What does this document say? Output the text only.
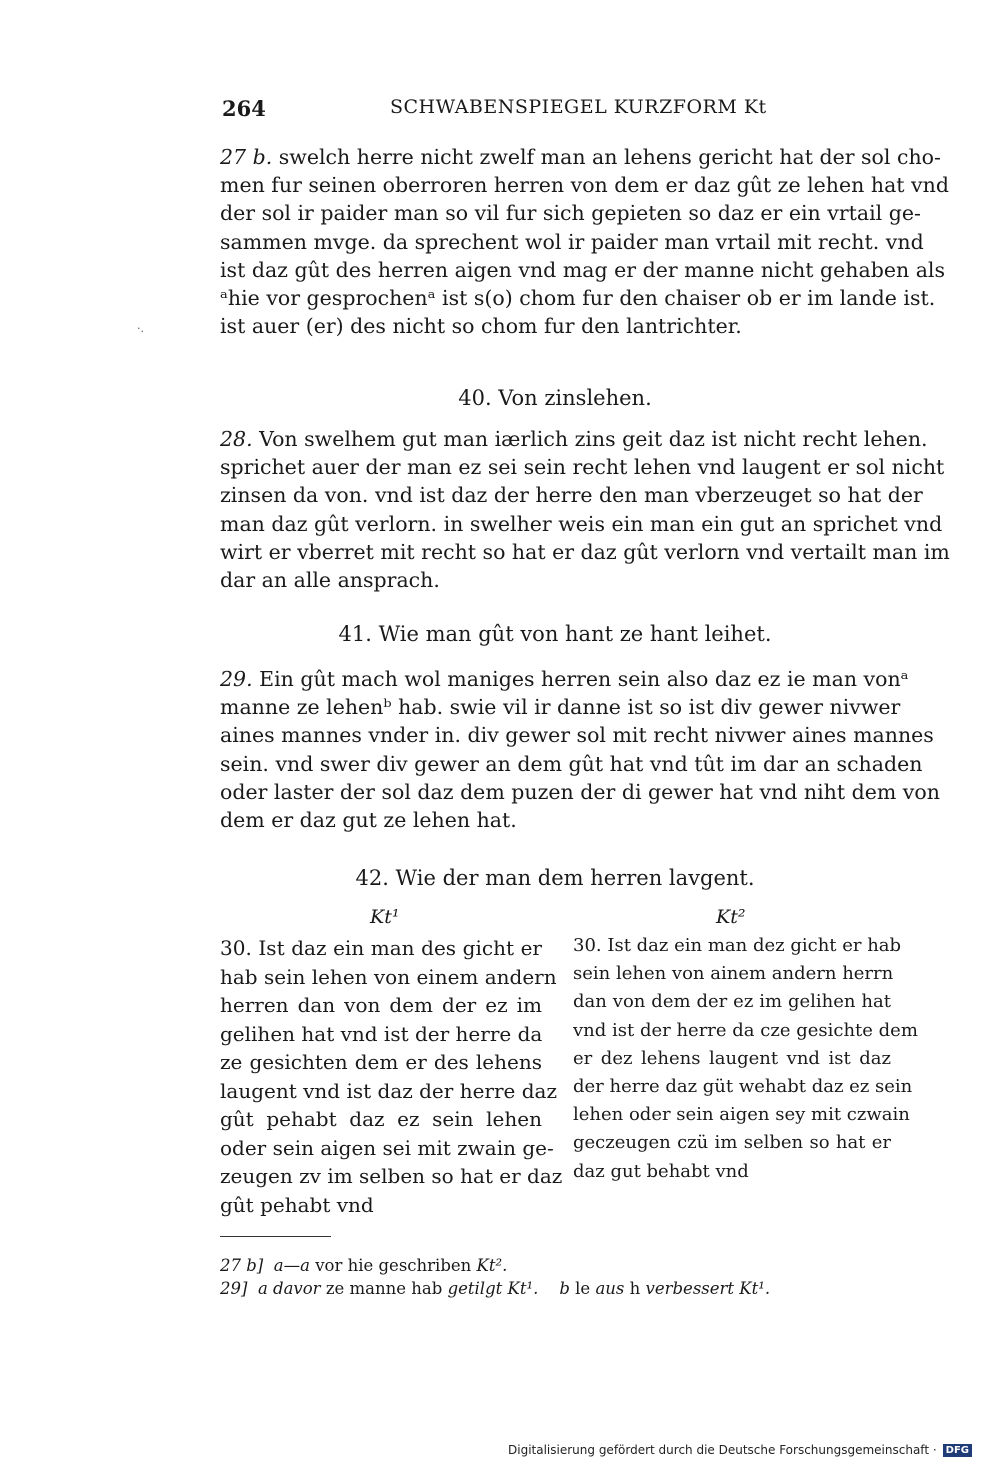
264	SCHWABENSPIEGEL KURZFORM Kt
·.
27 b. swelch herre nicht zwelf man an lehens gericht hat der sol cho-
men fur seinen oberroren herren von dem er daz gût ze lehen hat vnd
der sol ir paider man so vil fur sich gepieten so daz er ein vrtail ge-
sammen mvge. da sprechent wol ir paider man vrtail mit recht. vnd
ist daz gût des herren aigen vnd mag er der manne nicht gehaben als
ᵃhie vor gesprochenᵃ ist s(o) chom fur den chaiser ob er im lande ist.
ist auer (er) des nicht so chom fur den lantrichter.
40. Von zinslehen.
28. Von swelhem gut man iærlich zins geit daz ist nicht recht lehen.
sprichet auer der man ez sei sein recht lehen vnd laugent er sol nicht
zinsen da von. vnd ist daz der herre den man vberzeuget so hat der
man daz gût verlorn. in swelher weis ein man ein gut an sprichet vnd
wirt er vberret mit recht so hat er daz gût verlorn vnd vertailt man im
dar an alle ansprach.
41. Wie man gût von hant ze hant leihet.
29. Ein gût mach wol maniges herren sein also daz ez ie man vonᵃ
manne ze lehenᵇ hab. swie vil ir danne ist so ist div gewer nivwer
aines mannes vnder in. div gewer sol mit recht nivwer aines mannes
sein. vnd swer div gewer an dem gût hat vnd tût im dar an schaden
oder laster der sol daz dem puzen der di gewer hat vnd niht dem von
dem er daz gut ze lehen hat.
42. Wie der man dem herren lavgent.
Kt¹	Kt²
30. Ist daz ein man des gicht er
hab sein lehen von einem andern
herren dan von dem der ez im
gelihen hat vnd ist der herre da
ze gesichten dem er des lehens
laugent vnd ist daz der herre daz
gût pehabt daz ez sein lehen
oder sein aigen sei mit zwain ge-
zeugen zv im selben so hat er daz
gût pehabt vnd
30. Ist daz ein man dez gicht er hab
sein lehen von ainem andern herrn
dan von dem der ez im gelihen hat
vnd ist der herre da cze gesichte dem
er dez lehens laugent vnd ist daz
der herre daz güt wehabt daz ez sein
lehen oder sein aigen sey mit czwain
geczeugen czü im selben so hat er
daz gut behabt vnd
27 b] a—a vor hie geschriben Kt².
29] a davor ze manne hab getilgt Kt¹. b le aus h verbessert Kt¹.
Digitalisierung gefördert durch die Deutsche Forschungsgemeinschaft · DFG
